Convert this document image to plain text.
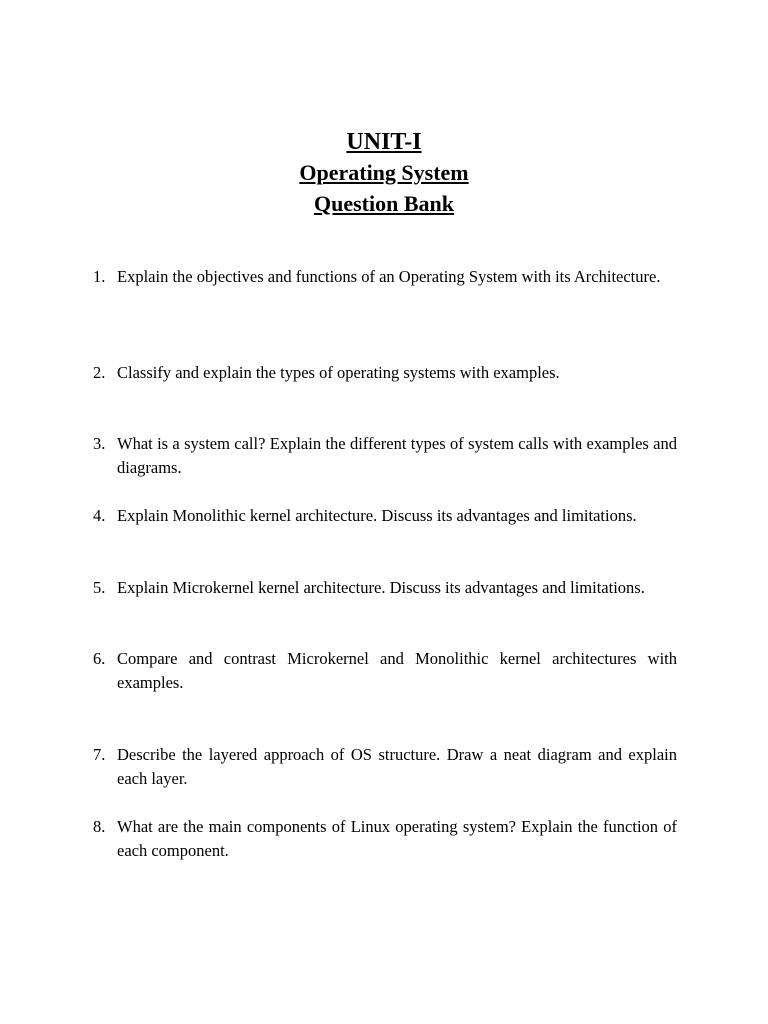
UNIT-I
Operating System
Question Bank
1. Explain the objectives and functions of an Operating System with its Architecture.
2. Classify and explain the types of operating systems with examples.
3. What is a system call? Explain the different types of system calls with examples and diagrams.
4. Explain Monolithic kernel architecture. Discuss its advantages and limitations.
5. Explain Microkernel kernel architecture. Discuss its advantages and limitations.
6. Compare and contrast Microkernel and Monolithic kernel architectures with examples.
7. Describe the layered approach of OS structure. Draw a neat diagram and explain each layer.
8. What are the main components of Linux operating system? Explain the function of each component.
